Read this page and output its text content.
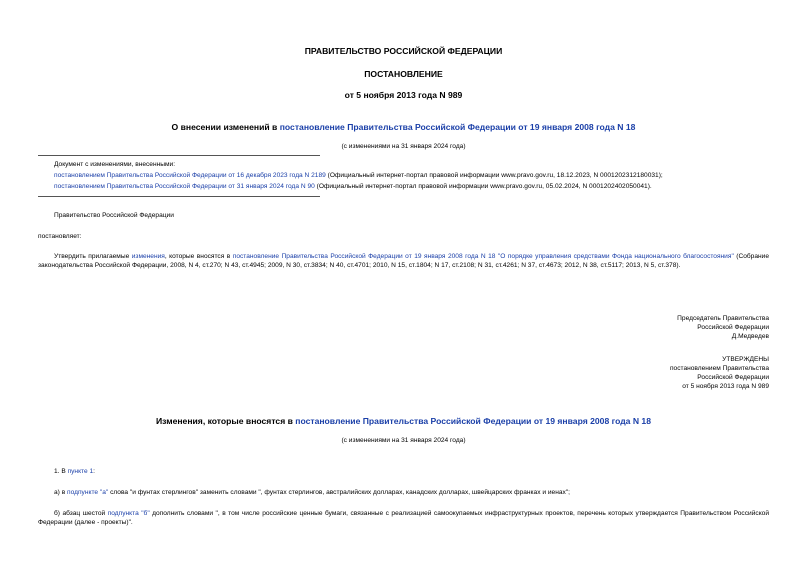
ПРАВИТЕЛЬСТВО РОССИЙСКОЙ ФЕДЕРАЦИИ
ПОСТАНОВЛЕНИЕ
от 5 ноября 2013 года N 989
О внесении изменений в постановление Правительства Российской Федерации от 19 января 2008 года N 18
(с изменениями на 31 января 2024 года)
Документ с изменениями, внесенными:
постановлением Правительства Российской Федерации от 16 декабря 2023 года N 2189 (Официальный интернет-портал правовой информации www.pravo.gov.ru, 18.12.2023, N 0001202312180031);
постановлением Правительства Российской Федерации от 31 января 2024 года N 90 (Официальный интернет-портал правовой информации www.pravo.gov.ru, 05.02.2024, N 0001202402050041).
Правительство Российской Федерации
постановляет:
Утвердить прилагаемые изменения, которые вносятся в постановление Правительства Российской Федерации от 19 января 2008 года N 18 "О порядке управления средствами Фонда национального благосостояния" (Собрание законодательства Российской Федерации, 2008, N 4, ст.270; N 43, ст.4945; 2009, N 30, ст.3834; N 40, ст.4701; 2010, N 15, ст.1804; N 17, ст.2108; N 31, ст.4261; N 37, ст.4673; 2012, N 38, ст.5117; 2013, N 5, ст.378).
Председатель Правительства
Российской Федерации
Д.Медведев
УТВЕРЖДЕНЫ
постановлением Правительства
Российской Федерации
от 5 ноября 2013 года N 989
Изменения, которые вносятся в постановление Правительства Российской Федерации от 19 января 2008 года N 18
(с изменениями на 31 января 2024 года)
1. В пункте 1:
а) в подпункте "а" слова "и фунтах стерлингов" заменить словами ", фунтах стерлингов, австралийских долларах, канадских долларах, швейцарских франках и иенах";
б) абзац шестой подпункта "б" дополнить словами ", в том числе российские ценные бумаги, связанные с реализацией самоокупаемых инфраструктурных проектов, перечень которых утверждается Правительством Российской Федерации (далее - проекты)".
